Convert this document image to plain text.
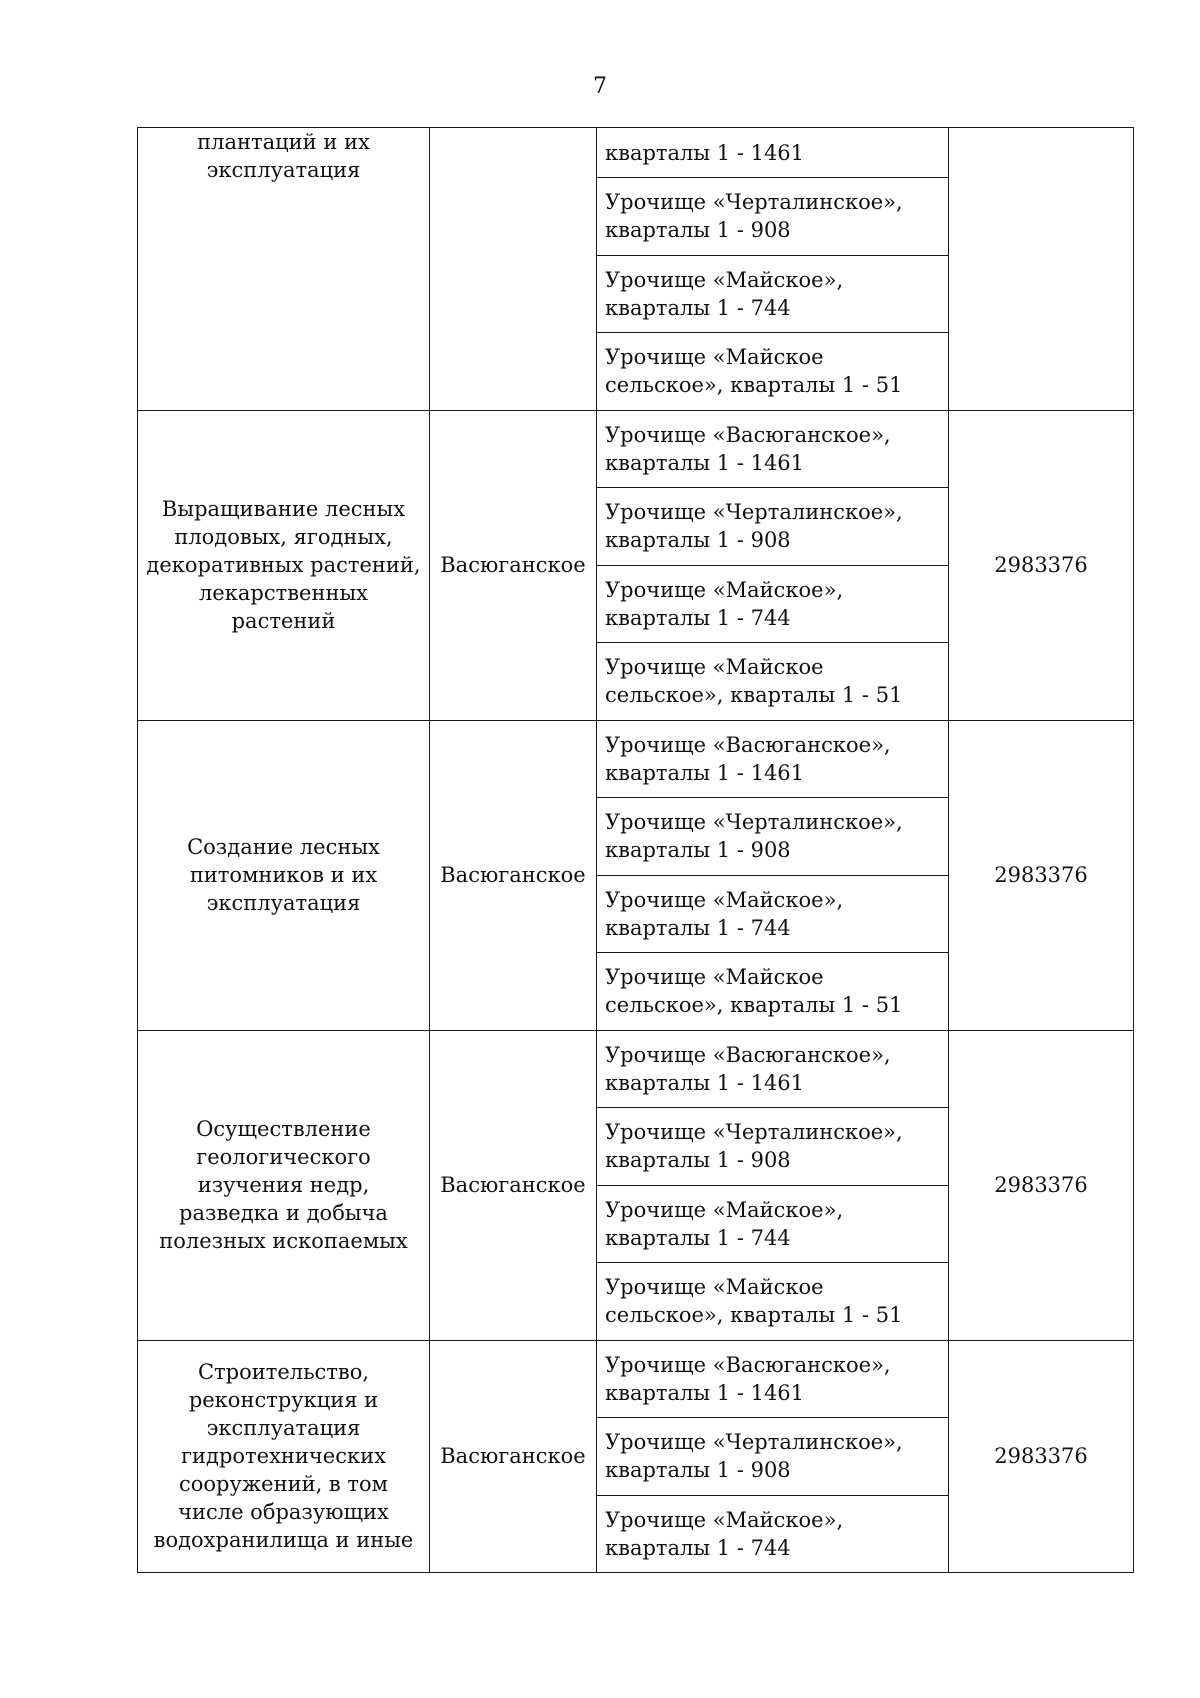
7
плантаций и их эксплуатация		кварталы 1 - 1461	
		Урочище «Черталинское», кварталы 1 - 908	
		Урочище «Майское», кварталы 1 - 744	
		Урочище «Майское сельское», кварталы 1 - 51	
Выращивание лесных плодовых, ягодных, декоративных растений, лекарственных растений	Васюганское	Урочище «Васюганское», кварталы 1 - 1461	2983376
		Урочище «Черталинское», кварталы 1 - 908	
		Урочище «Майское», кварталы 1 - 744	
		Урочище «Майское сельское», кварталы 1 - 51	
Создание лесных питомников и их эксплуатация	Васюганское	Урочище «Васюганское», кварталы 1 - 1461	2983376
		Урочище «Черталинское», кварталы 1 - 908	
		Урочище «Майское», кварталы 1 - 744	
		Урочище «Майское сельское», кварталы 1 - 51	
Осуществление геологического изучения недр, разведка и добыча полезных ископаемых	Васюганское	Урочище «Васюганское», кварталы 1 - 1461	2983376
		Урочище «Черталинское», кварталы 1 - 908	
		Урочище «Майское», кварталы 1 - 744	
		Урочище «Майское сельское», кварталы 1 - 51	
Строительство, реконструкция и эксплуатация гидротехнических сооружений, в том числе образующих водохранилища и иные	Васюганское	Урочище «Васюганское», кварталы 1 - 1461	2983376
		Урочище «Черталинское», кварталы 1 - 908	
		Урочище «Майское», кварталы 1 - 744	
